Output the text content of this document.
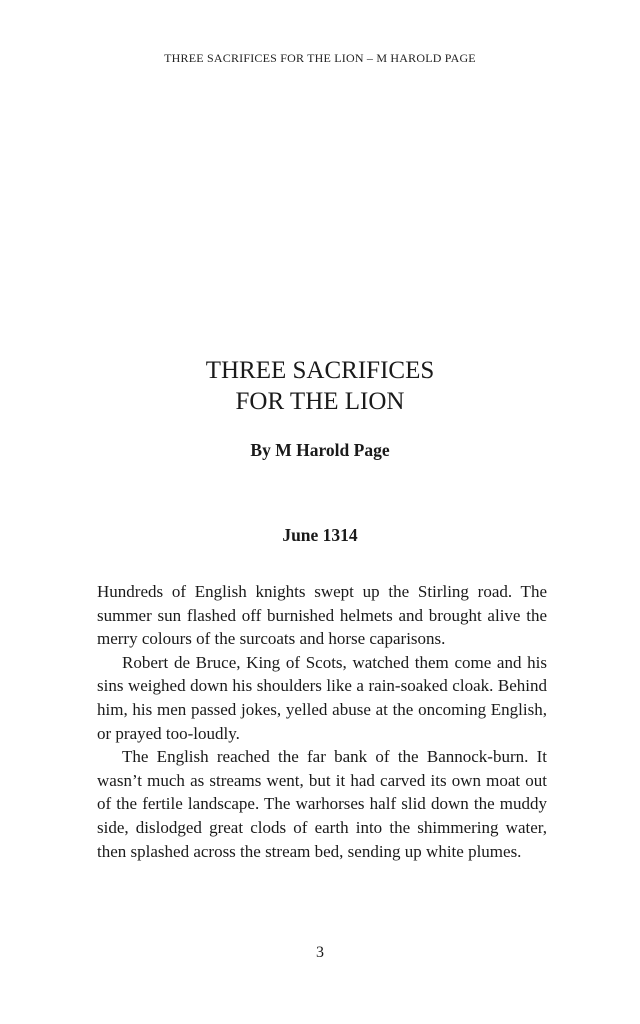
THREE SACRIFICES FOR THE LION – M HAROLD PAGE
THREE SACRIFICES
FOR THE LION

By M Harold Page

June 1314

Hundreds of English knights swept up the Stirling road. The summer sun flashed off burnished helmets and brought alive the merry colours of the surcoats and horse caparisons.

Robert de Bruce, King of Scots, watched them come and his sins weighed down his shoulders like a rain-soaked cloak. Behind him, his men passed jokes, yelled abuse at the oncoming English, or prayed too-loudly.

The English reached the far bank of the Bannock-burn. It wasn’t much as streams went, but it had carved its own moat out of the fertile landscape. The warhorses half slid down the muddy side, dislodged great clods of earth into the shimmering water, then splashed across the stream bed, sending up white plumes.

3
